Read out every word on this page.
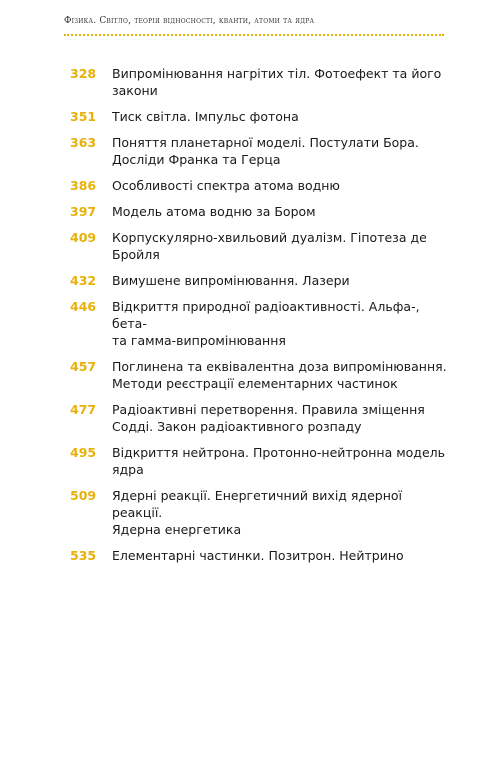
Фізика. Світло, теорія відносності, кванти, атоми та ядра
328	Випромінювання нагрітих тіл. Фотоефект та його
закони
351	Тиск світла. Імпульс фотона
363	Поняття планетарної моделі. Постулати Бора.
Досліди Франка та Герца
386	Особливості спектра атома водню
397	Модель атома водню за Бором
409	Корпускулярно-хвильовий дуалізм. Гіпотеза де
Бройля
432	Вимушене випромінювання. Лазери
446	Відкриття природної радіоактивності. Альфа-, бета-
та гамма-випромінювання
457	Поглинена та еквівалентна доза випромінювання.
Методи реєстрації елементарних частинок
477	Радіоактивні перетворення. Правила зміщення
Содді. Закон радіоактивного розпаду
495	Відкриття нейтрона. Протонно-нейтронна модель
ядра
509	Ядерні реакції. Енергетичний вихід ядерної реакції.
Ядерна енергетика
535	Елементарні частинки. Позитрон. Нейтрино
